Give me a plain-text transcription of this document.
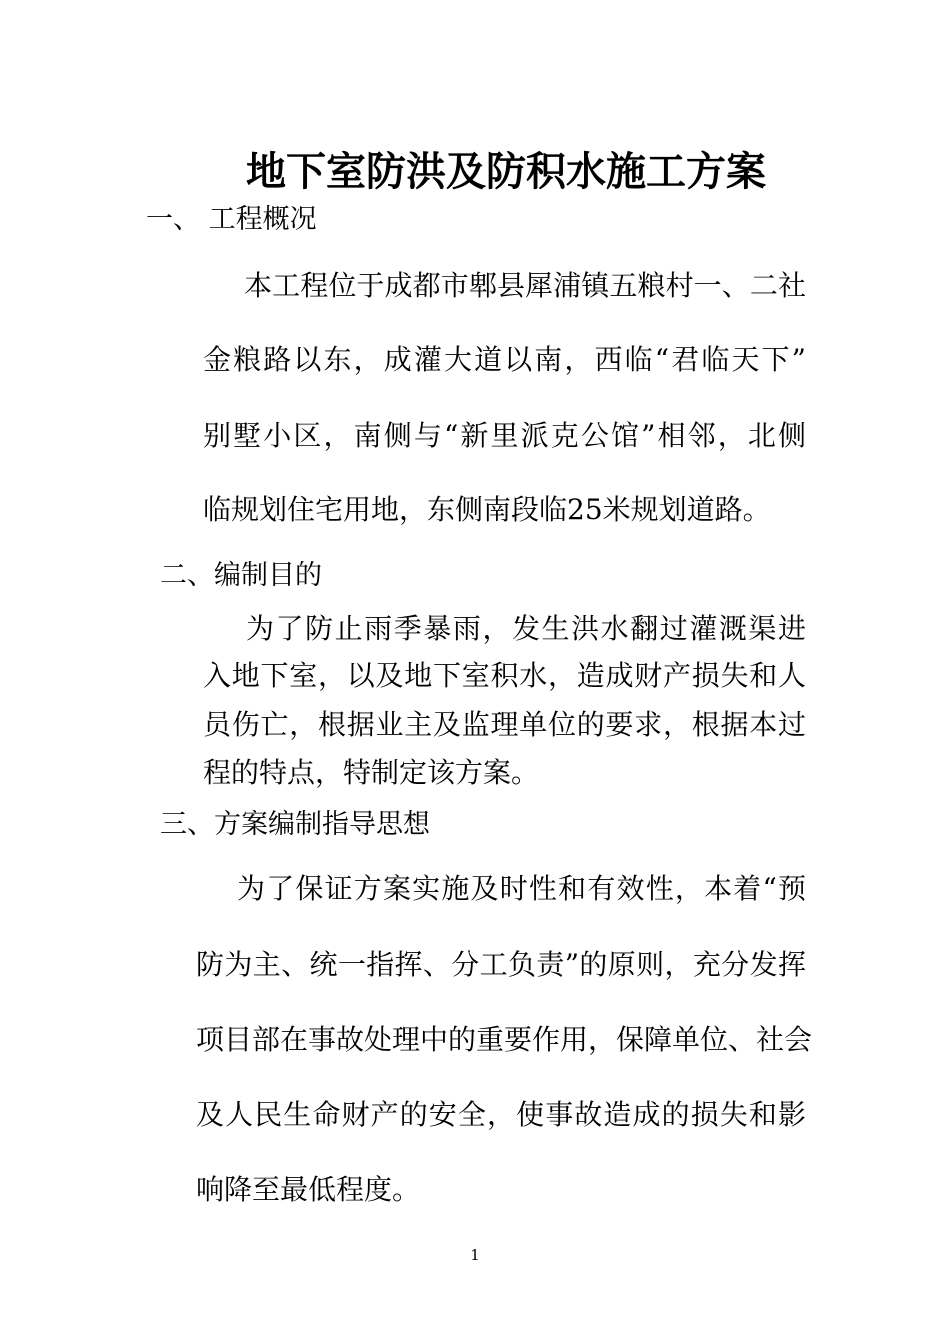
地下室防洪及防积水施工方案
一、 工程概况
本工程位于成都市郫县犀浦镇五粮村一、二社
金粮路以东，成灌大道以南，西临“君临天下”
别墅小区，南侧与“新里派克公馆”相邻，北侧
临规划住宅用地，东侧南段临25米规划道路。
二、编制目的
为了防止雨季暴雨，发生洪水翻过灌溉渠进
入地下室，以及地下室积水，造成财产损失和人
员伤亡，根据业主及监理单位的要求，根据本过
程的特点，特制定该方案。
三、方案编制指导思想
为了保证方案实施及时性和有效性，本着“预
防为主、统一指挥、分工负责”的原则，充分发挥
项目部在事故处理中的重要作用，保障单位、社会
及人民生命财产的安全，使事故造成的损失和影
响降至最低程度。
1
